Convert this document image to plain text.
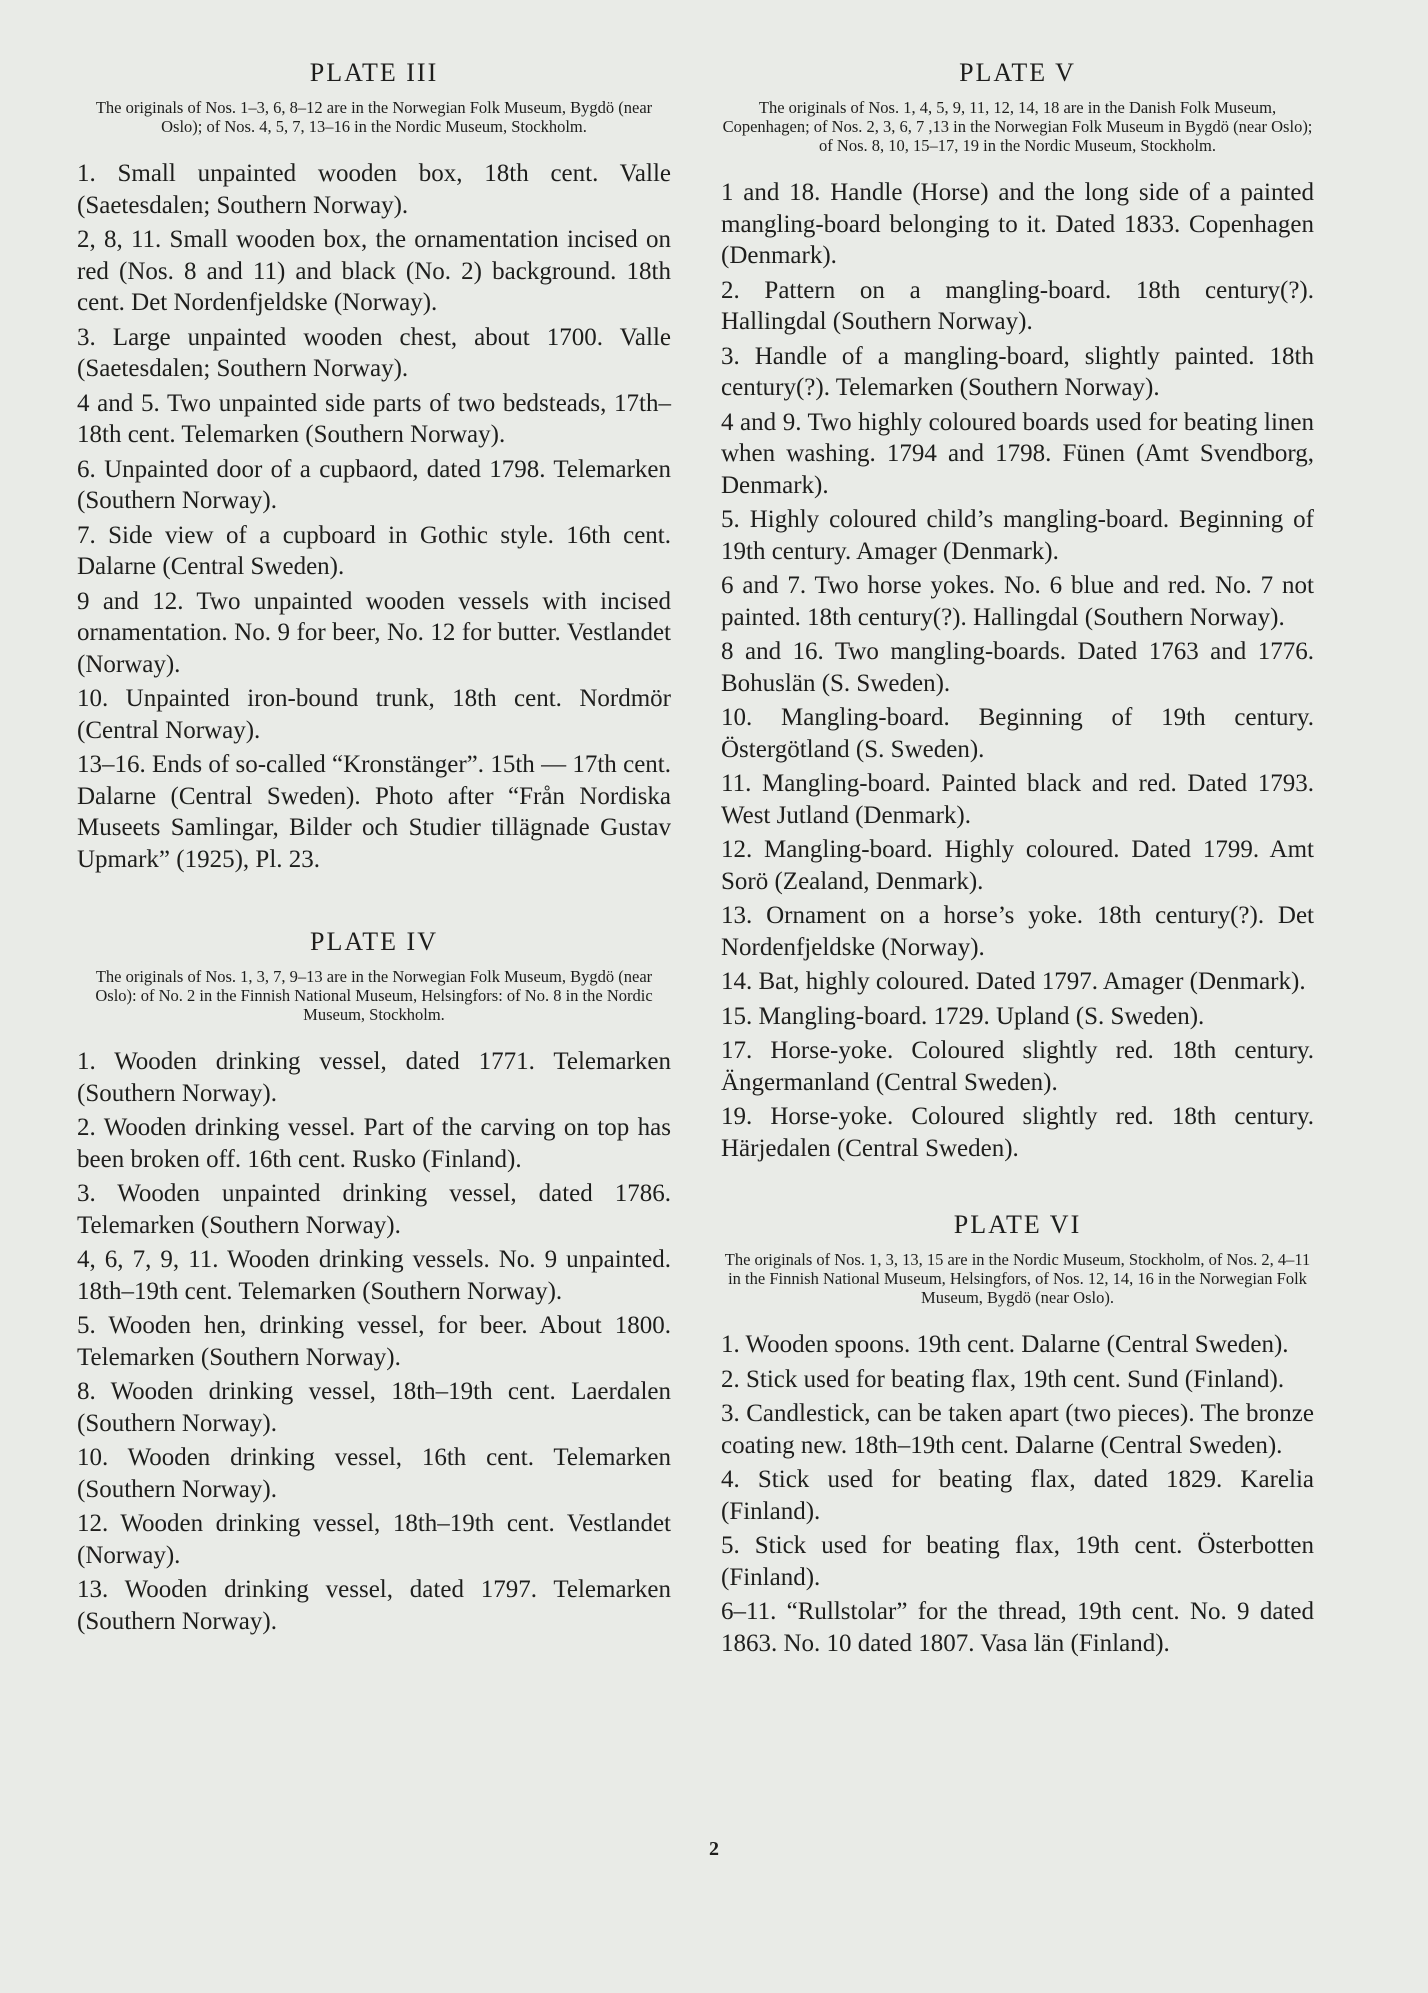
PLATE III

The originals of Nos. 1–3, 6, 8–12 are in the Norwegian Folk Museum, Bygdö (near Oslo); of Nos. 4, 5, 7, 13–16 in the Nordic Museum, Stockholm.

1. Small unpainted wooden box, 18th cent. Valle (Saetesdalen; Southern Norway).

2, 8, 11. Small wooden box, the ornamentation incised on red (Nos. 8 and 11) and black (No. 2) background. 18th cent. Det Nordenfjeldske (Norway).

3. Large unpainted wooden chest, about 1700. Valle (Saetesdalen; Southern Norway).

4 and 5. Two unpainted side parts of two bedsteads, 17th–18th cent. Telemarken (Southern Norway).

6. Unpainted door of a cupbaord, dated 1798. Telemarken (Southern Norway).

7. Side view of a cupboard in Gothic style. 16th cent. Dalarne (Central Sweden).

9 and 12. Two unpainted wooden vessels with incised ornamentation. No. 9 for beer, No. 12 for butter. Vestlandet (Norway).

10. Unpainted iron-bound trunk, 18th cent. Nordmör (Central Norway).

13–16. Ends of so-called “Kronstänger”. 15th — 17th cent. Dalarne (Central Sweden). Photo after “Från Nordiska Museets Samlingar, Bilder och Studier tillägnade Gustav Upmark” (1925), Pl. 23.

PLATE IV

The originals of Nos. 1, 3, 7, 9–13 are in the Norwegian Folk Museum, Bygdö (near Oslo): of No. 2 in the Finnish National Museum, Helsingfors: of No. 8 in the Nordic Museum, Stockholm.

1. Wooden drinking vessel, dated 1771. Telemarken (Southern Norway).

2. Wooden drinking vessel. Part of the carving on top has been broken off. 16th cent. Rusko (Finland).

3. Wooden unpainted drinking vessel, dated 1786. Telemarken (Southern Norway).

4, 6, 7, 9, 11. Wooden drinking vessels. No. 9 unpainted. 18th–19th cent. Telemarken (Southern Norway).

5. Wooden hen, drinking vessel, for beer. About 1800. Telemarken (Southern Norway).

8. Wooden drinking vessel, 18th–19th cent. Laerdalen (Southern Norway).

10. Wooden drinking vessel, 16th cent. Telemarken (Southern Norway).

12. Wooden drinking vessel, 18th–19th cent. Vestlandet (Norway).

13. Wooden drinking vessel, dated 1797. Telemarken (Southern Norway).

PLATE V

The originals of Nos. 1, 4, 5, 9, 11, 12, 14, 18 are in the Danish Folk Museum, Copenhagen; of Nos. 2, 3, 6, 7 ,13 in the Norwegian Folk Museum in Bygdö (near Oslo); of Nos. 8, 10, 15–17, 19 in the Nordic Museum, Stockholm.

1 and 18. Handle (Horse) and the long side of a painted mangling-board belonging to it. Dated 1833. Copenhagen (Denmark).

2. Pattern on a mangling-board. 18th century(?). Hallingdal (Southern Norway).

3. Handle of a mangling-board, slightly painted. 18th century(?). Telemarken (Southern Norway).

4 and 9. Two highly coloured boards used for beating linen when washing. 1794 and 1798. Fünen (Amt Svendborg, Denmark).

5. Highly coloured child’s mangling-board. Beginning of 19th century. Amager (Denmark).

6 and 7. Two horse yokes. No. 6 blue and red. No. 7 not painted. 18th century(?). Hallingdal (Southern Norway).

8 and 16. Two mangling-boards. Dated 1763 and 1776. Bohuslän (S. Sweden).

10. Mangling-board. Beginning of 19th century. Östergötland (S. Sweden).

11. Mangling-board. Painted black and red. Dated 1793. West Jutland (Denmark).

12. Mangling-board. Highly coloured. Dated 1799. Amt Sorö (Zealand, Denmark).

13. Ornament on a horse’s yoke. 18th century(?). Det Nordenfjeldske (Norway).

14. Bat, highly coloured. Dated 1797. Amager (Denmark).

15. Mangling-board. 1729. Upland (S. Sweden).

17. Horse-yoke. Coloured slightly red. 18th century. Ängermanland (Central Sweden).

19. Horse-yoke. Coloured slightly red. 18th century. Härjedalen (Central Sweden).

PLATE VI

The originals of Nos. 1, 3, 13, 15 are in the Nordic Museum, Stockholm, of Nos. 2, 4–11 in the Finnish National Museum, Helsingfors, of Nos. 12, 14, 16 in the Norwegian Folk Museum, Bygdö (near Oslo).

1. Wooden spoons. 19th cent. Dalarne (Central Sweden).

2. Stick used for beating flax, 19th cent. Sund (Finland).

3. Candlestick, can be taken apart (two pieces). The bronze coating new. 18th–19th cent. Dalarne (Central Sweden).

4. Stick used for beating flax, dated 1829. Karelia (Finland).

5. Stick used for beating flax, 19th cent. Österbotten (Finland).

6–11. “Rullstolar” for the thread, 19th cent. No. 9 dated 1863. No. 10 dated 1807. Vasa län (Finland).

2
